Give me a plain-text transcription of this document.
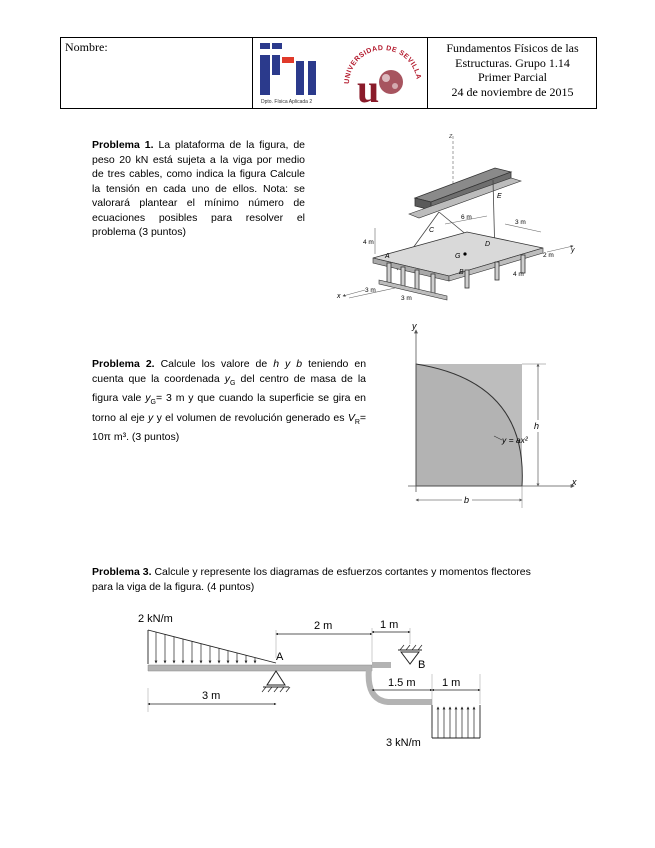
Nombre:
Dpto. Física Aplicada 2
UNIVERSIDAD DE SEVILLA
u
Fundamentos Físicos de las
Estructuras. Grupo 1.14
Primer Parcial
24 de noviembre de 2015
Problema 1. La plataforma de la figura, de peso 20 kN está sujeta a la viga por medio de tres cables, como indica la figura Calcule la tensión en cada uno de ellos. Nota: se valorará plantear el mínimo número de ecuaciones posibles para resolver el problema (3 puntos)
z
E
C
G
D
A
B
6 m
4 m
3 m
2 m
4 m
3 m
3 m
y
x
Problema 2. Calcule los valore de h y b teniendo en cuenta que la coordenada $y_G$ del centro de masa de la figura vale $y_G= 3$ m y que cuando la superficie se gira en torno al eje y y el volumen de revolución generado es $V_R= 10\pi$ m³. (3 puntos)
y
x
h
b
y = ax²
Problema 3. Calcule y represente los diagramas de esfuerzos cortantes y momentos flectores para la viga de la figura. (4 puntos)
2 kN/m
A
B
2 m	1 m
3 m
1.5 m 1 m
3 kN/m
